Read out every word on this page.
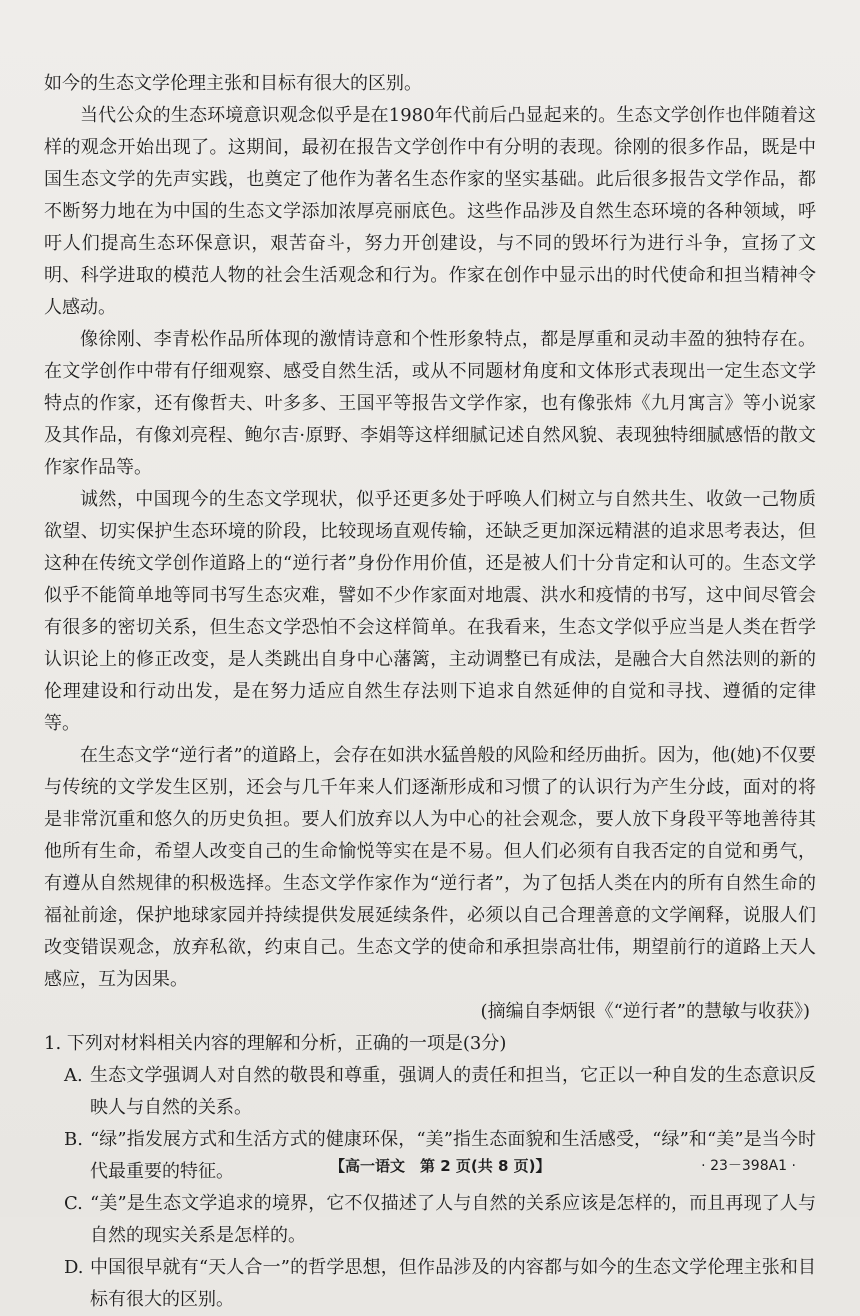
如今的生态文学伦理主张和目标有很大的区别。

当代公众的生态环境意识观念似乎是在1980年代前后凸显起来的。生态文学创作也伴随着这样的观念开始出现了。这期间，最初在报告文学创作中有分明的表现。徐刚的很多作品，既是中国生态文学的先声实践，也奠定了他作为著名生态作家的坚实基础。此后很多报告文学作品，都不断努力地在为中国的生态文学添加浓厚亮丽底色。这些作品涉及自然生态环境的各种领域，呼吁人们提高生态环保意识，艰苦奋斗，努力开创建设，与不同的毁坏行为进行斗争，宣扬了文明、科学进取的模范人物的社会生活观念和行为。作家在创作中显示出的时代使命和担当精神令人感动。

像徐刚、李青松作品所体现的激情诗意和个性形象特点，都是厚重和灵动丰盈的独特存在。在文学创作中带有仔细观察、感受自然生活，或从不同题材角度和文体形式表现出一定生态文学特点的作家，还有像哲夫、叶多多、王国平等报告文学作家，也有像张炜《九月寓言》等小说家及其作品，有像刘亮程、鲍尔吉·原野、李娟等这样细腻记述自然风貌、表现独特细腻感悟的散文作家作品等。

诚然，中国现今的生态文学现状，似乎还更多处于呼唤人们树立与自然共生、收敛一己物质欲望、切实保护生态环境的阶段，比较现场直观传输，还缺乏更加深远精湛的追求思考表达，但这种在传统文学创作道路上的“逆行者”身份作用价值，还是被人们十分肯定和认可的。生态文学似乎不能简单地等同书写生态灾难，譬如不少作家面对地震、洪水和疫情的书写，这中间尽管会有很多的密切关系，但生态文学恐怕不会这样简单。在我看来，生态文学似乎应当是人类在哲学认识论上的修正改变，是人类跳出自身中心藩篱，主动调整已有成法，是融合大自然法则的新的伦理建设和行动出发，是在努力适应自然生存法则下追求自然延伸的自觉和寻找、遵循的定律等。

在生态文学“逆行者”的道路上，会存在如洪水猛兽般的风险和经历曲折。因为，他(她)不仅要与传统的文学发生区别，还会与几千年来人们逐渐形成和习惯了的认识行为产生分歧，面对的将是非常沉重和悠久的历史负担。要人们放弃以人为中心的社会观念，要人放下身段平等地善待其他所有生命，希望人改变自己的生命愉悦等实在是不易。但人们必须有自我否定的自觉和勇气，有遵从自然规律的积极选择。生态文学作家作为“逆行者”，为了包括人类在内的所有自然生命的福祉前途，保护地球家园并持续提供发展延续条件，必须以自己合理善意的文学阐释，说服人们改变错误观念，放弃私欲，约束自己。生态文学的使命和承担崇高壮伟，期望前行的道路上天人感应，互为因果。

(摘编自李炳银《“逆行者”的慧敏与收获》)

1. 下列对材料相关内容的理解和分析，正确的一项是(3分)

A. 生态文学强调人对自然的敬畏和尊重，强调人的责任和担当，它正以一种自发的生态意识反映人与自然的关系。
B. “绿”指发展方式和生活方式的健康环保，“美”指生态面貌和生活感受，“绿”和“美”是当今时代最重要的特征。
C. “美”是生态文学追求的境界，它不仅描述了人与自然的关系应该是怎样的，而且再现了人与自然的现实关系是怎样的。
D. 中国很早就有“天人合一”的哲学思想，但作品涉及的内容都与如今的生态文学伦理主张和目标有很大的区别。
【高一语文　第 2 页(共 8 页)】	· 23－398A1 ·
